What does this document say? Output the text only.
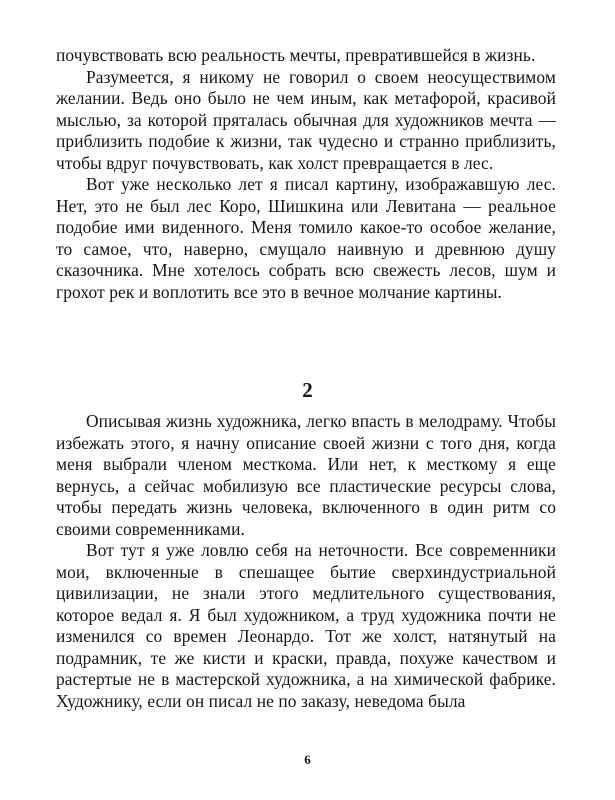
почувствовать всю реальность мечты, превратившейся в жизнь.

Разумеется, я никому не говорил о своем неосуществимом желании. Ведь оно было не чем иным, как метафорой, красивой мыслью, за которой пряталась обычная для художников мечта — приблизить подобие к жизни, так чудесно и странно приблизить, чтобы вдруг почувствовать, как холст превращается в лес.

Вот уже несколько лет я писал картину, изображавшую лес. Нет, это не был лес Коро, Шишкина или Левитана — реальное подобие ими виденного. Меня томило какое-то особое желание, то самое, что, наверно, смущало наивную и древнюю душу сказочника. Мне хотелось собрать всю свежесть лесов, шум и грохот рек и воплотить все это в вечное молчание картины.

2

Описывая жизнь художника, легко впасть в мелодраму. Чтобы избежать этого, я начну описание своей жизни с того дня, когда меня выбрали членом месткома. Или нет, к месткому я еще вернусь, а сейчас мобилизую все пластические ресурсы слова, чтобы передать жизнь человека, включенного в один ритм со своими современниками.

Вот тут я уже ловлю себя на неточности. Все современники мои, включенные в спешащее бытие сверхиндустриальной цивилизации, не знали этого медлительного существования, которое ведал я. Я был художником, а труд художника почти не изменился со времен Леонардо. Тот же холст, натянутый на подрамник, те же кисти и краски, правда, похуже качеством и растертые не в мастерской художника, а на химической фабрике. Художнику, если он писал не по заказу, неведома была

6
